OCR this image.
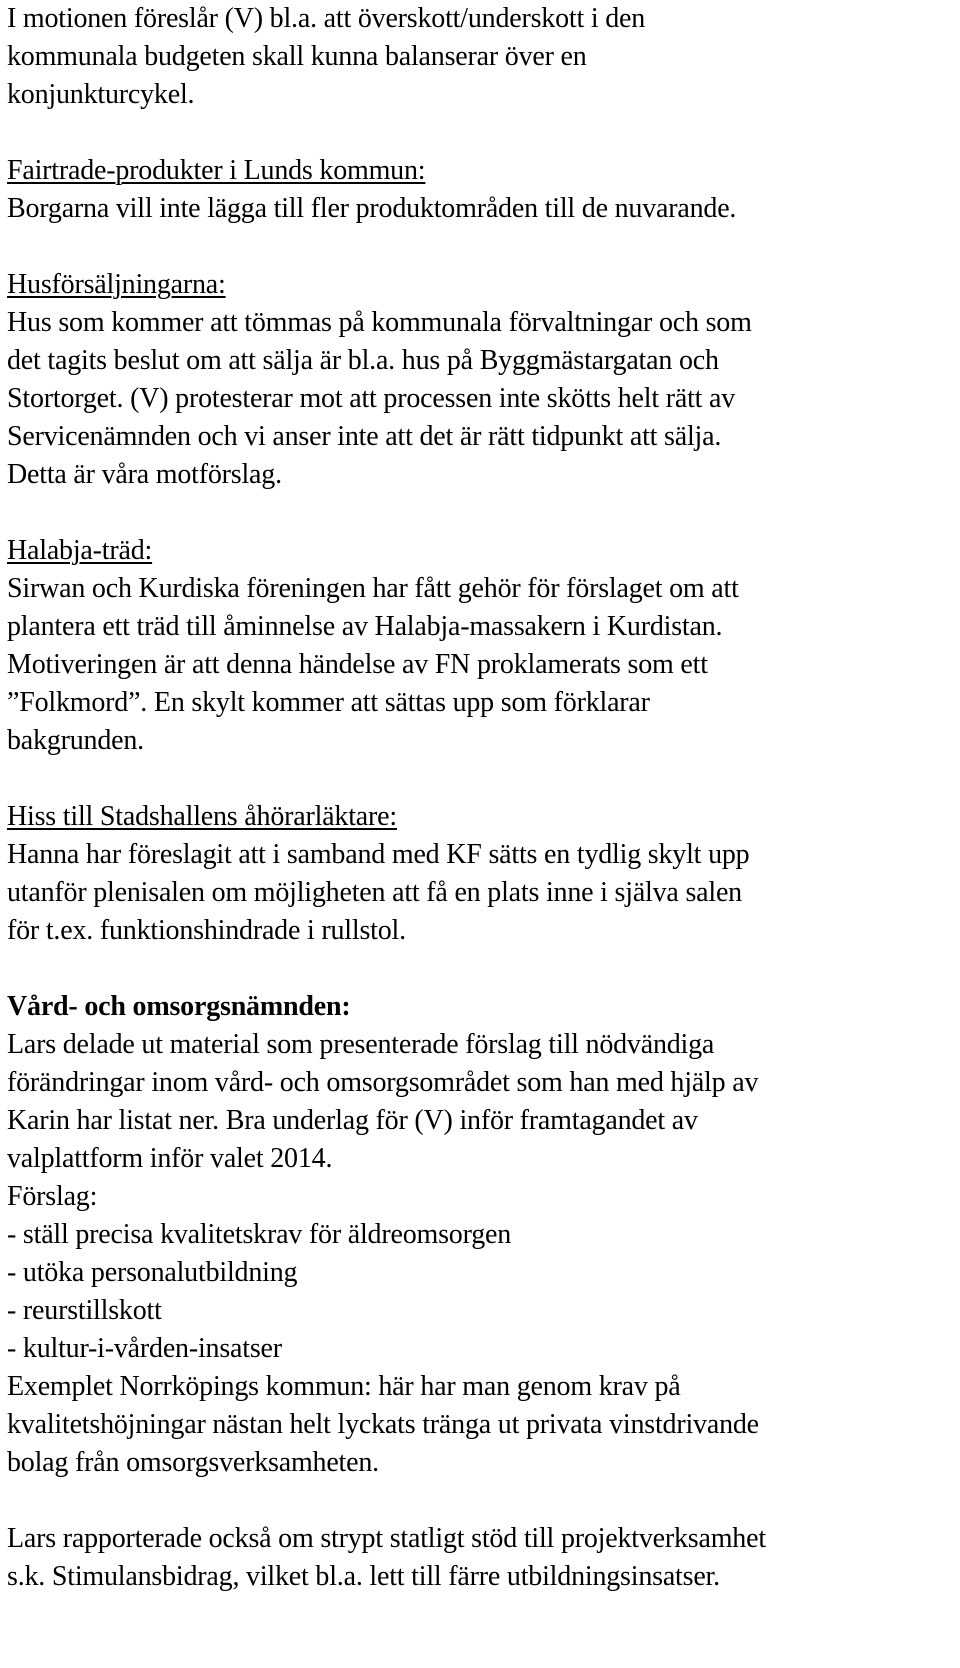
I motionen föreslår (V) bl.a. att överskott/underskott i den
kommunala budgeten skall kunna balanserar över en
konjunkturcykel.
Fairtrade-produkter i Lunds kommun:
Borgarna vill inte lägga till fler produktområden till de nuvarande.
Husförsäljningarna:
Hus som kommer att tömmas på kommunala förvaltningar och som
det tagits beslut om att sälja är bl.a. hus på Byggmästargatan och
Stortorget. (V) protesterar mot att processen inte skötts helt rätt av
Servicenämnden och vi anser inte att det är rätt tidpunkt att sälja.
Detta är våra motförslag.
Halabja-träd:
Sirwan och Kurdiska föreningen har fått gehör för förslaget om att
plantera ett träd till åminnelse av Halabja-massakern i Kurdistan.
Motiveringen är att denna händelse av FN proklamerats som ett
”Folkmord”. En skylt kommer att sättas upp som förklarar
bakgrunden.
Hiss till Stadshallens åhörarläktare:
Hanna har föreslagit att i samband med KF sätts en tydlig skylt upp
utanför plenisalen om möjligheten att få en plats inne i själva salen
för t.ex. funktionshindrade i rullstol.
Vård- och omsorgsnämnden:
Lars delade ut material som presenterade förslag till nödvändiga
förändringar inom vård- och omsorgsområdet som han med hjälp av
Karin har listat ner. Bra underlag för (V) inför framtagandet av
valplattform inför valet 2014.
Förslag:
- ställ precisa kvalitetskrav för äldreomsorgen
- utöka personalutbildning
- reurstillskott
- kultur-i-vården-insatser
Exemplet Norrköpings kommun: här har man genom krav på
kvalitetshöjningar nästan helt lyckats tränga ut privata vinstdrivande
bolag från omsorgsverksamheten.
Lars rapporterade också om strypt statligt stöd till projektverksamhet
s.k. Stimulansbidrag, vilket bl.a. lett till färre utbildningsinsatser.
